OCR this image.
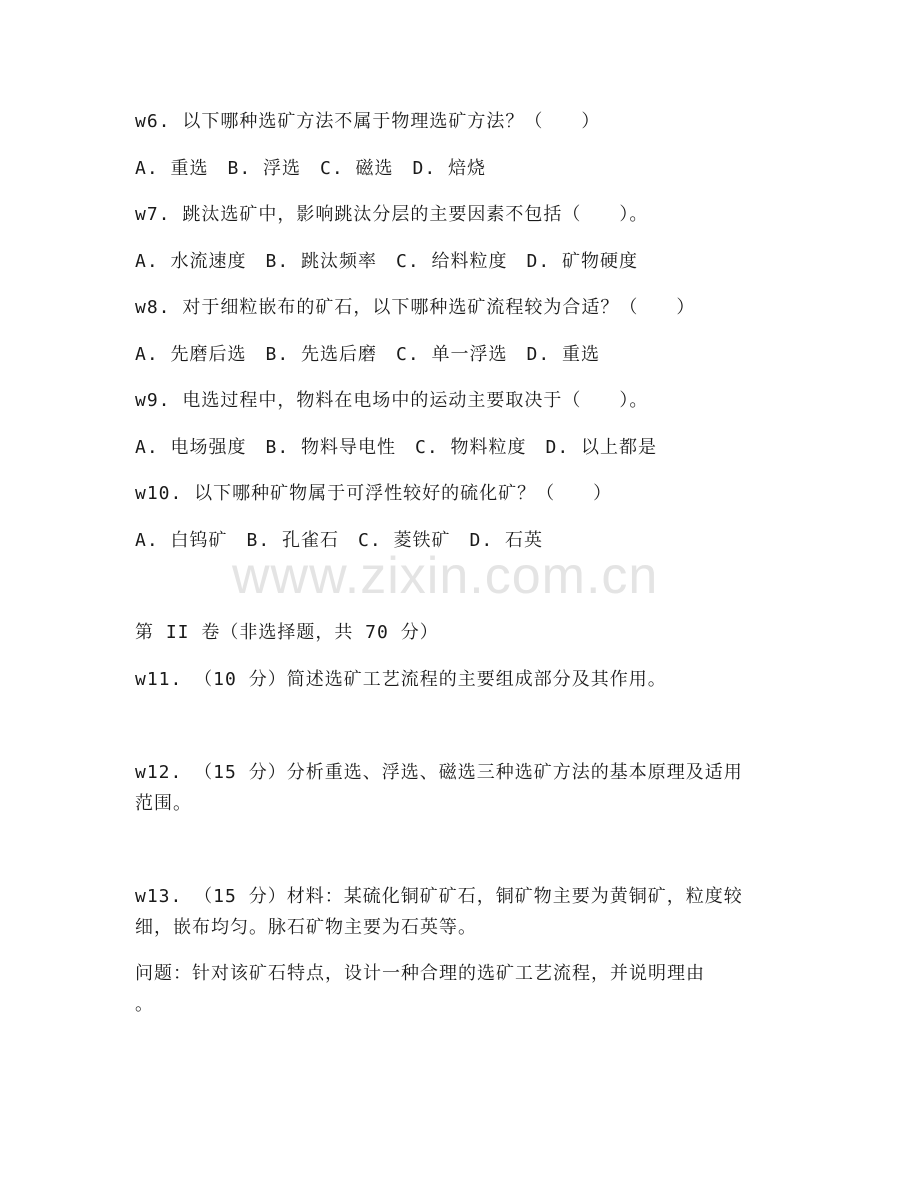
www.zixin.com.cn
w6. 以下哪种选矿方法不属于物理选矿方法？（　　）
A. 重选　B. 浮选　C. 磁选　D. 焙烧
w7. 跳汰选矿中，影响跳汰分层的主要因素不包括（　　）。
A. 水流速度　B. 跳汰频率　C. 给料粒度　D. 矿物硬度
w8. 对于细粒嵌布的矿石，以下哪种选矿流程较为合适？（　　）
A. 先磨后选　B. 先选后磨　C. 单一浮选　D. 重选
w9. 电选过程中，物料在电场中的运动主要取决于（　　）。
A. 电场强度　B. 物料导电性　C. 物料粒度　D. 以上都是
w10. 以下哪种矿物属于可浮性较好的硫化矿？（　　）
A. 白钨矿　B. 孔雀石　C. 菱铁矿　D. 石英
第 II 卷（非选择题，共 70 分）
w11. （10 分）简述选矿工艺流程的主要组成部分及其作用。
w12. （15 分）分析重选、浮选、磁选三种选矿方法的基本原理及适用
范围。
w13. （15 分）材料：某硫化铜矿矿石，铜矿物主要为黄铜矿，粒度较
细，嵌布均匀。脉石矿物主要为石英等。
问题：针对该矿石特点，设计一种合理的选矿工艺流程，并说明理由
。
